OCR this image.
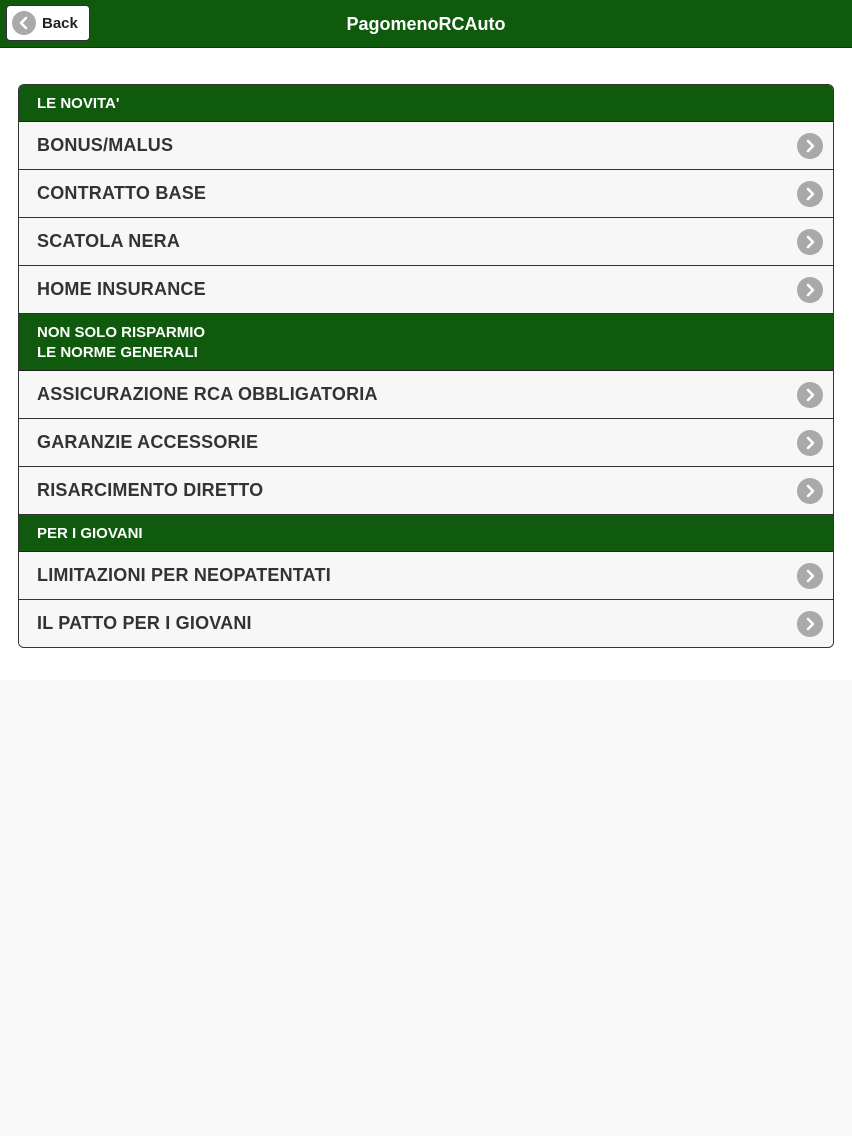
PagomenoRCAuto
Back
LE NOVITA'
BONUS/MALUS
CONTRATTO BASE
SCATOLA NERA
HOME INSURANCE
NON SOLO RISPARMIO
LE NORME GENERALI
ASSICURAZIONE RCA OBBLIGATORIA
GARANZIE ACCESSORIE
RISARCIMENTO DIRETTO
PER I GIOVANI
LIMITAZIONI PER NEOPATENTATI
IL PATTO PER I GIOVANI
